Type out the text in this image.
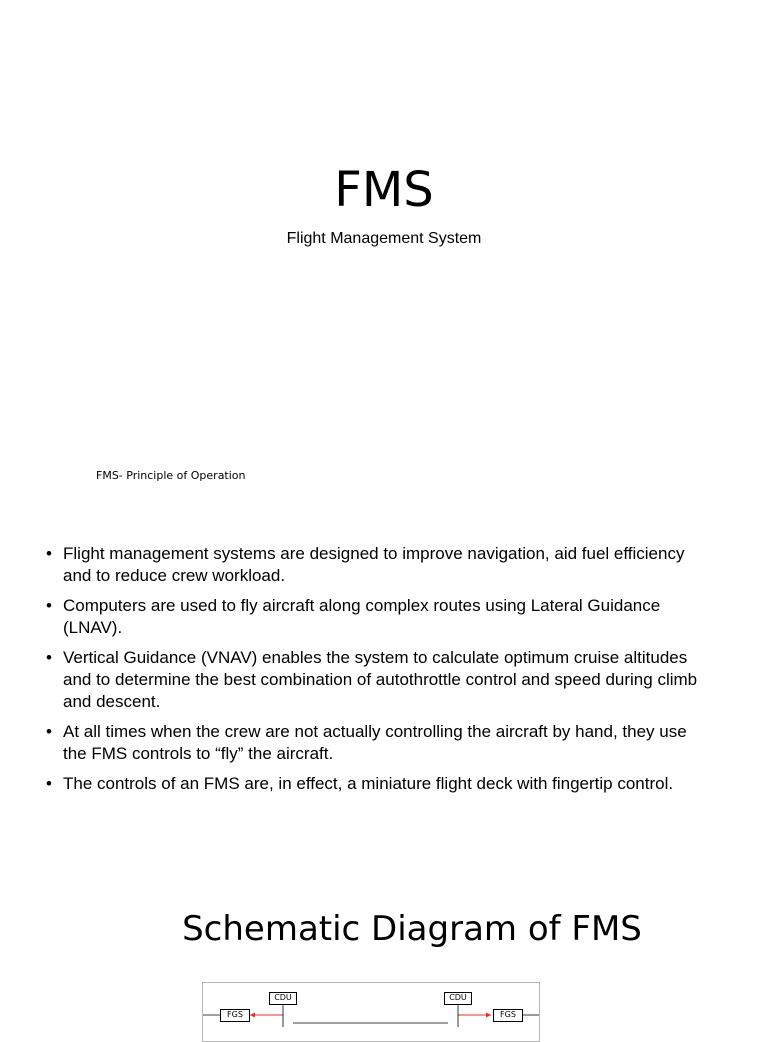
FMS
Flight Management System
FMS- Principle of Operation
• Flight management systems are designed to improve navigation, aid fuel efficiency and to reduce crew workload.
• Computers are used to fly aircraft along complex routes using Lateral Guidance (LNAV).
• Vertical Guidance (VNAV) enables the system to calculate optimum cruise altitudes and to determine the best combination of autothrottle control and speed during climb and descent.
• At all times when the crew are not actually controlling the aircraft by hand, they use the FMS controls to “fly” the aircraft.
• The controls of an FMS are, in effect, a miniature flight deck with fingertip control.
Schematic Diagram of FMS
CDU	CDU
FGS	FGS
